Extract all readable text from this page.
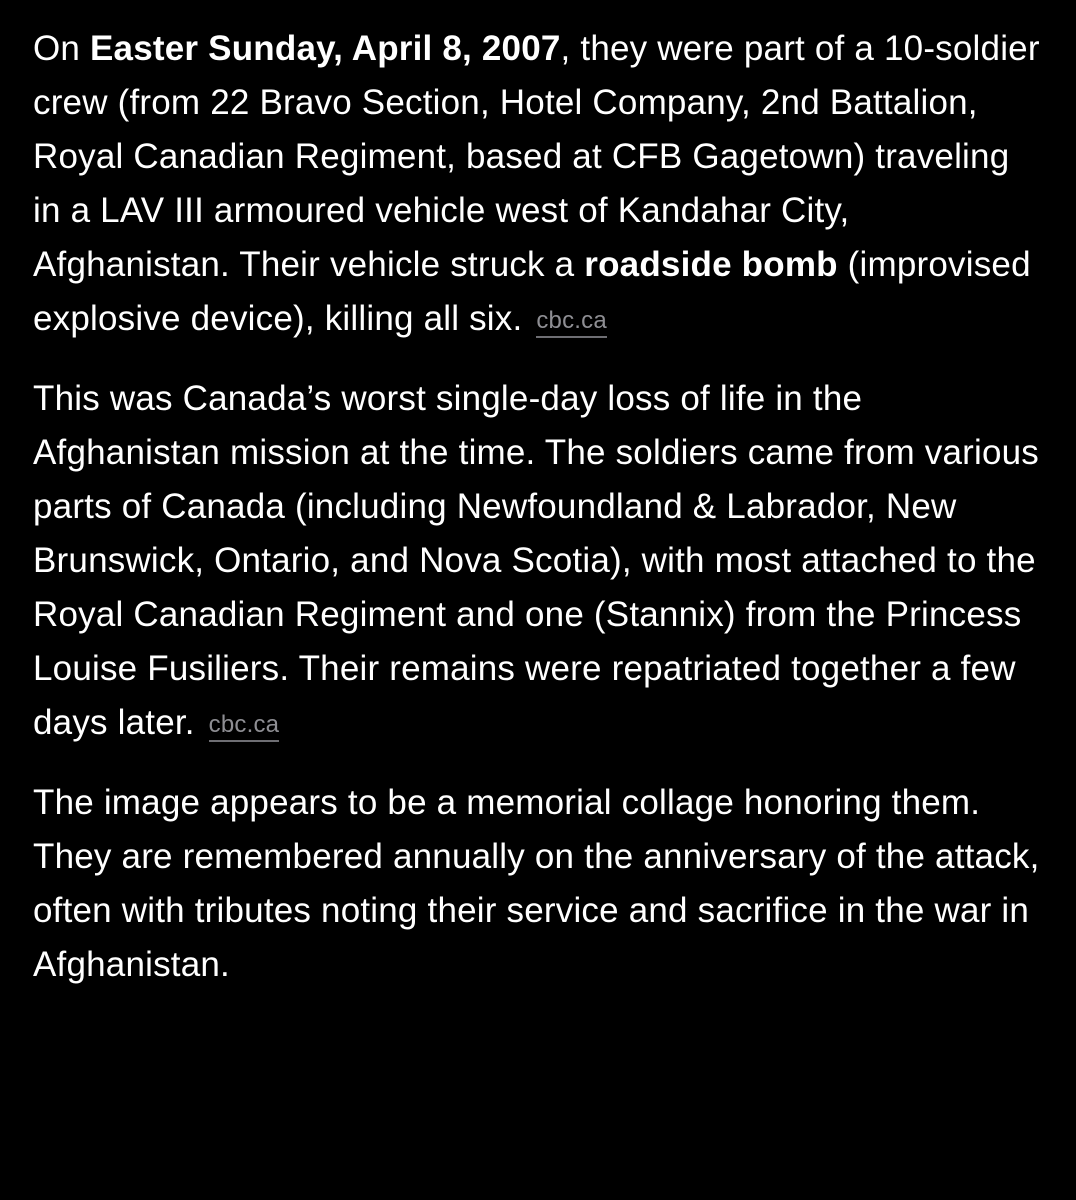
On Easter Sunday, April 8, 2007, they were part of a 10-soldier crew (from 22 Bravo Section, Hotel Company, 2nd Battalion, Royal Canadian Regiment, based at CFB Gagetown) traveling in a LAV III armoured vehicle west of Kandahar City, Afghanistan. Their vehicle struck a roadside bomb (improvised explosive device), killing all six. cbc.ca

This was Canada’s worst single-day loss of life in the Afghanistan mission at the time. The soldiers came from various parts of Canada (including Newfoundland & Labrador, New Brunswick, Ontario, and Nova Scotia), with most attached to the Royal Canadian Regiment and one (Stannix) from the Princess Louise Fusiliers. Their remains were repatriated together a few days later. cbc.ca

The image appears to be a memorial collage honoring them. They are remembered annually on the anniversary of the attack, often with tributes noting their service and sacrifice in the war in Afghanistan.
